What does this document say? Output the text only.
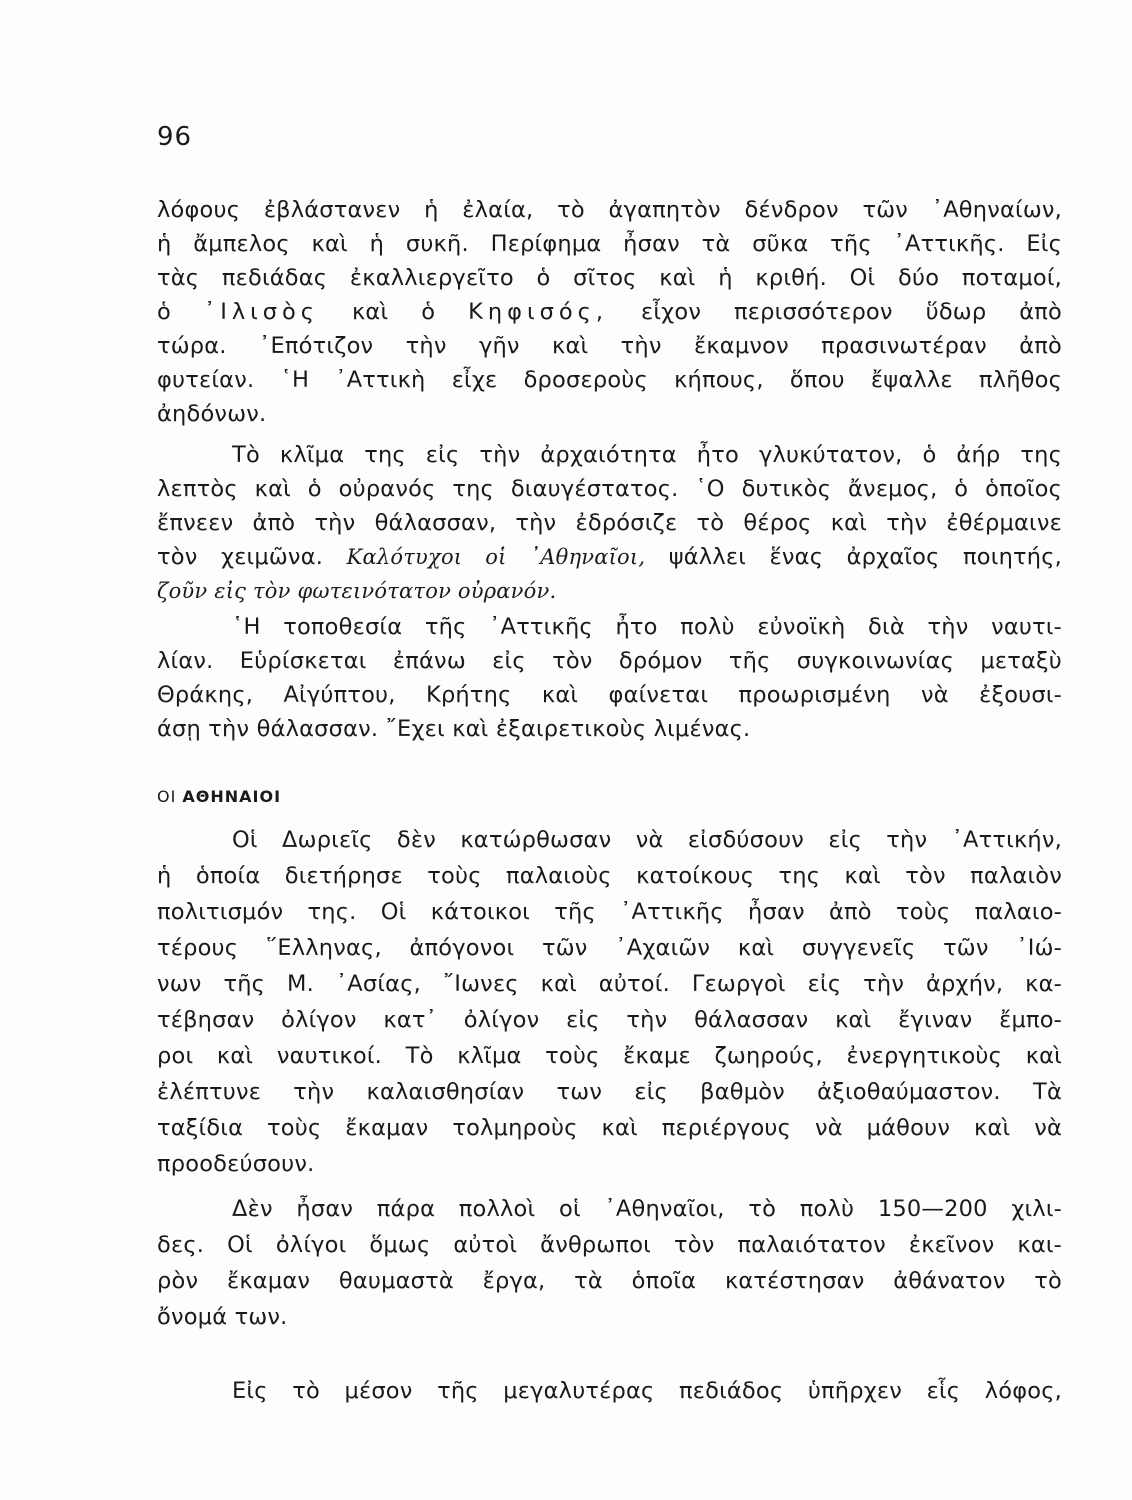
96
λόφους ἐβλάστανεν ἡ ἐλαία, τὸ ἀγαπητὸν δένδρον τῶν ᾿Αθηναίων,
ἡ ἄμπελος καὶ ἡ συκῆ. Περίφημα ἦσαν τὰ σῦκα τῆς ᾿Αττικῆς. Εἰς
τὰς πεδιάδας ἐκαλλιεργεῖτο ὁ σῖτος καὶ ἡ κριθή. Οἱ δύο ποταμοί,
ὁ ᾿Ιλισὸς καὶ ὁ Κηφισός, εἶχον περισσότερον ὕδωρ ἀπὸ
τώρα. ᾿Επότιζον τὴν γῆν καὶ τὴν ἔκαμνον πρασινωτέραν ἀπὸ
φυτείαν. ῾Η ᾿Αττικὴ εἶχε δροσεροὺς κήπους, ὅπου ἔψαλλε πλῆθος
ἀηδόνων.
Τὸ κλῖμα της εἰς τὴν ἀρχαιότητα ἦτο γλυκύτατον, ὁ ἀήρ της
λεπτὸς καὶ ὁ οὐρανός της διαυγέστατος. ῾Ο δυτικὸς ἄνεμος, ὁ ὁποῖος
ἔπνεεν ἀπὸ τὴν θάλασσαν, τὴν ἐδρόσιζε τὸ θέρος καὶ τὴν ἐθέρμαινε
τὸν χειμῶνα. Καλότυχοι οἱ ᾿Αθηναῖοι, ψάλλει ἕνας ἀρχαῖος ποιητής,
ζοῦν εἰς τὸν φωτεινότατον οὐρανόν.
῾Η τοποθεσία τῆς ᾿Αττικῆς ἦτο πολὺ εὐνοϊκὴ διὰ τὴν ναυτι-
λίαν. Εὑρίσκεται ἐπάνω εἰς τὸν δρόμον τῆς συγκοινωνίας μεταξὺ
Θράκης, Αἰγύπτου, Κρήτης καὶ φαίνεται προωρισμένη νὰ ἐξουσι-
άσῃ τὴν θάλασσαν. ῎Εχει καὶ ἐξαιρετικοὺς λιμένας.
ΟΙ ΑΘΗΝΑΙΟΙ
Οἱ Δωριεῖς δὲν κατώρθωσαν νὰ εἰσδύσουν εἰς τὴν ᾿Αττικήν,
ἡ ὁποία διετήρησε τοὺς παλαιοὺς κατοίκους της καὶ τὸν παλαιὸν
πολιτισμόν της. Οἱ κάτοικοι τῆς ᾿Αττικῆς ἦσαν ἀπὸ τοὺς παλαιο-
τέρους ῞Ελληνας, ἀπόγονοι τῶν ᾿Αχαιῶν καὶ συγγενεῖς τῶν ᾿Ιώ-
νων τῆς Μ. ᾿Ασίας, ῎Ιωνες καὶ αὐτοί. Γεωργοὶ εἰς τὴν ἀρχήν, κα-
τέβησαν ὀλίγον κατ᾿ ὀλίγον εἰς τὴν θάλασσαν καὶ ἔγιναν ἔμπο-
ροι καὶ ναυτικοί. Τὸ κλῖμα τοὺς ἔκαμε ζωηρούς, ἐνεργητικοὺς καὶ
ἐλέπτυνε τὴν καλαισθησίαν των εἰς βαθμὸν ἀξιοθαύμαστον. Τὰ
ταξίδια τοὺς ἔκαμαν τολμηροὺς καὶ περιέργους νὰ μάθουν καὶ νὰ
προοδεύσουν.
Δὲν ἦσαν πάρα πολλοὶ οἱ ᾿Αθηναῖοι, τὸ πολὺ 150—200 χιλι-
δες. Οἱ ὀλίγοι ὅμως αὐτοὶ ἄνθρωποι τὸν παλαιότατον ἐκεῖνον και-
ρὸν ἔκαμαν θαυμαστὰ ἔργα, τὰ ὁποῖα κατέστησαν ἀθάνατον τὸ
ὄνομά των.
Εἰς τὸ μέσον τῆς μεγαλυτέρας πεδιάδος ὑπῆρχεν εἷς λόφος,
